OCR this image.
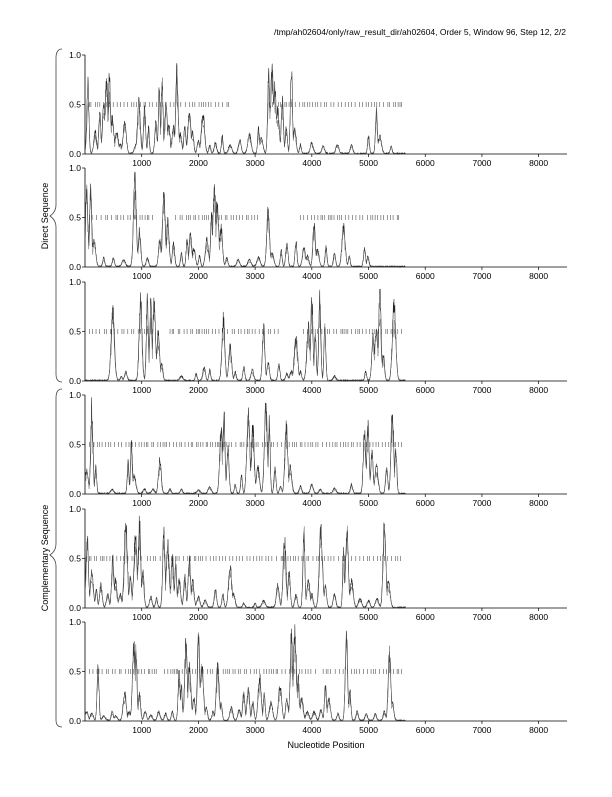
/tmp/ah02604/only/raw_result_dir/ah02604, Order 5, Window 96, Step 12, 2/2
0.0
0.5
1.0
1000	2000	3000	4000	5000	6000	7000	8000
0.0
0.5
1.0
1000	2000	3000	4000	5000	6000	7000	8000
0.0
0.5
1.0
1000	2000	3000	4000	5000	6000	7000	8000
0.0
0.5
1.0
1000	2000	3000	4000	5000	6000	7000	8000
0.0
0.5
1.0
1000	2000	3000	4000	5000	6000	7000	8000
0.0
0.5
1.0
1000	2000	3000	4000	5000	6000	7000	8000
Direct Sequence
Complementary Sequence
Nucleotide Position
